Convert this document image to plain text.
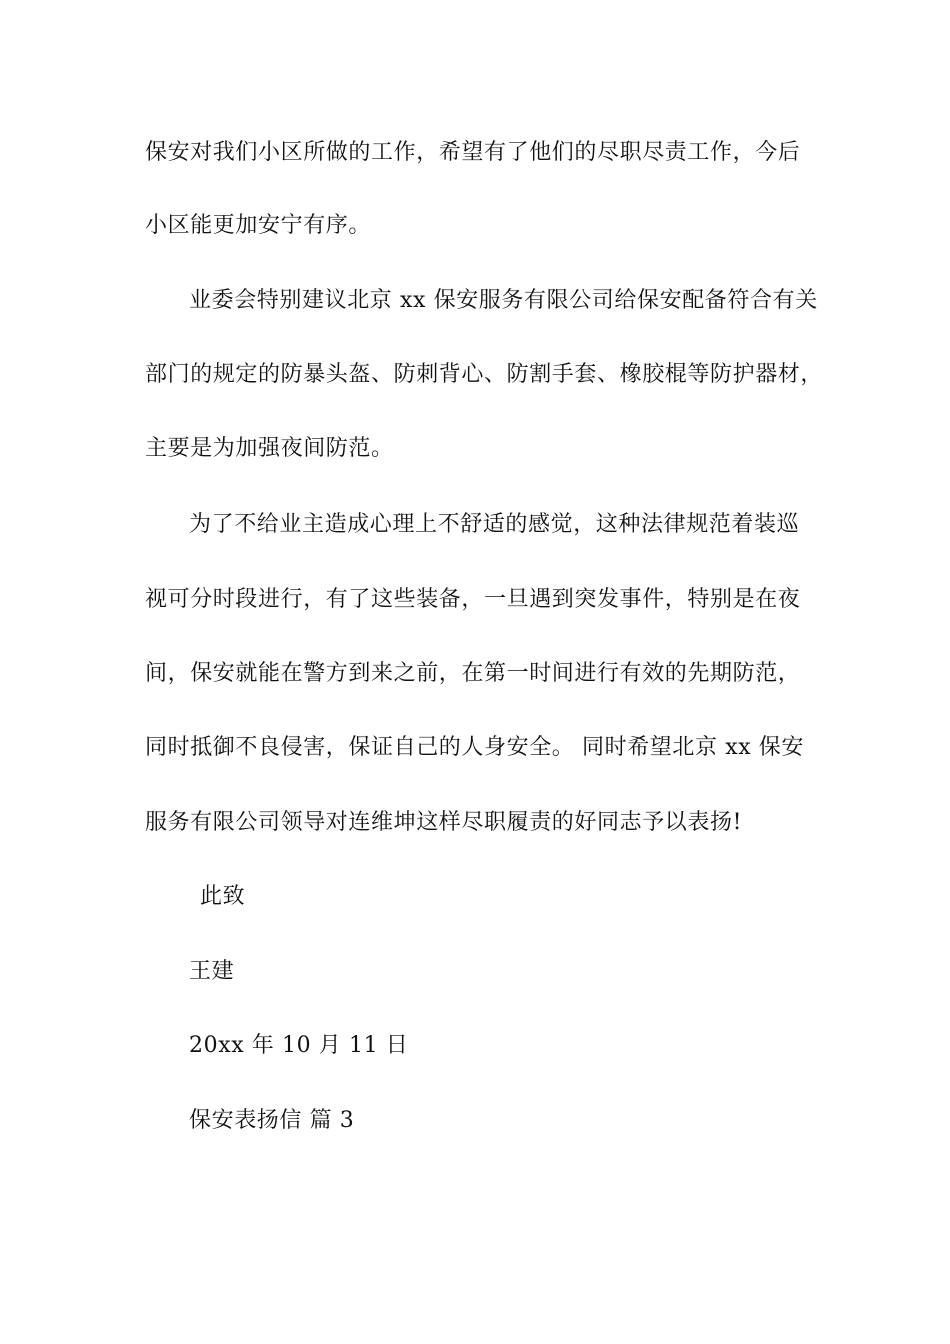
保安对我们小区所做的工作，希望有了他们的尽职尽责工作，今后
小区能更加安宁有序。
业委会特别建议北京 xx 保安服务有限公司给保安配备符合有关
部门的规定的防暴头盔、防刺背心、防割手套、橡胶棍等防护器材，
主要是为加强夜间防范。
为了不给业主造成心理上不舒适的感觉，这种法律规范着装巡
视可分时段进行，有了这些装备，一旦遇到突发事件，特别是在夜
间，保安就能在警方到来之前，在第一时间进行有效的先期防范，
同时抵御不良侵害，保证自己的人身安全。 同时希望北京 xx 保安
服务有限公司领导对连维坤这样尽职履责的好同志予以表扬!
此致
王建
20xx 年 10 月 11 日
保安表扬信 篇 3
